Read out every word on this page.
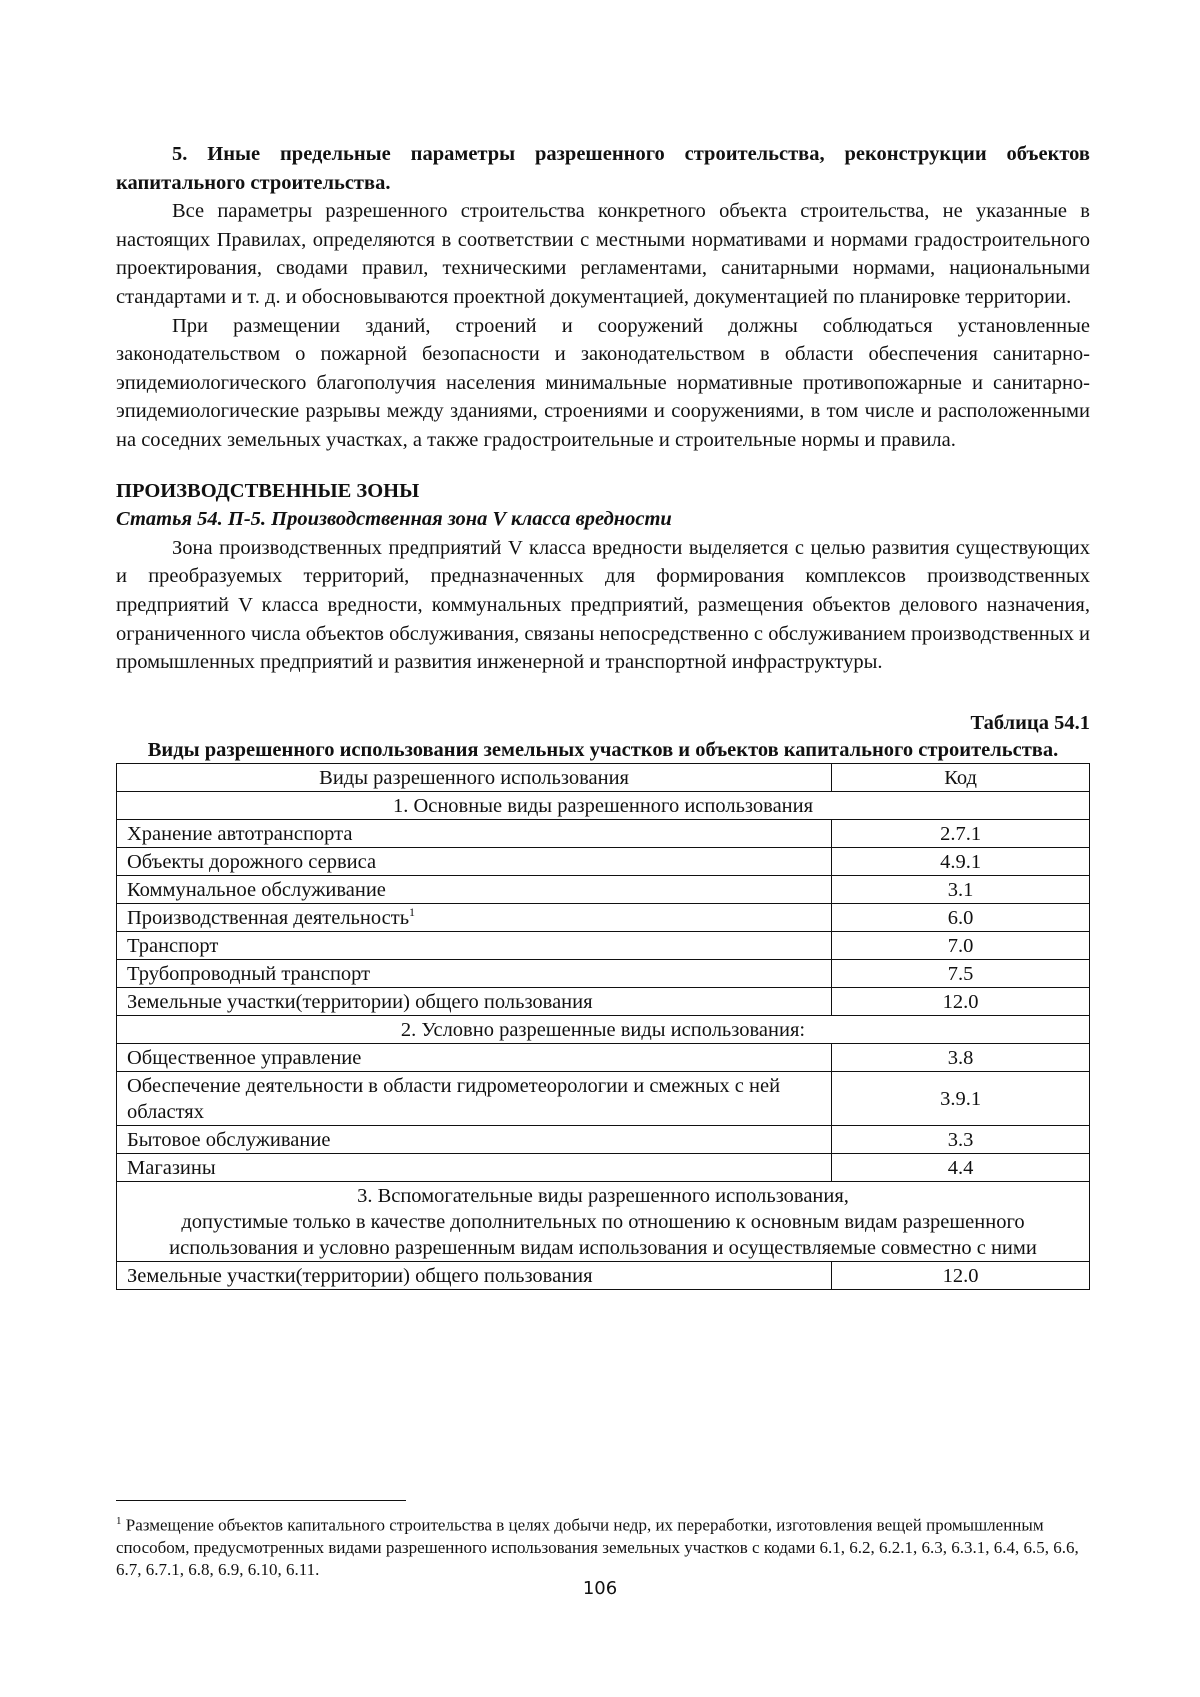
5. Иные предельные параметры разрешенного строительства, реконструкции объектов капитального строительства.

Все параметры разрешенного строительства конкретного объекта строительства, не указанные в настоящих Правилах, определяются в соответствии с местными нормативами и нормами градостроительного проектирования, сводами правил, техническими регламентами, санитарными нормами, национальными стандартами и т. д. и обосновываются проектной документацией, документацией по планировке территории.

При размещении зданий, строений и сооружений должны соблюдаться установленные законодательством о пожарной безопасности и законодательством в области обеспечения санитарно-эпидемиологического благополучия населения минимальные нормативные противопожарные и санитарно-эпидемиологические разрывы между зданиями, строениями и сооружениями, в том числе и расположенными на соседних земельных участках, а также градостроительные и строительные нормы и правила.

ПРОИЗВОДСТВЕННЫЕ ЗОНЫ

Статья 54. П-5. Производственная зона V класса вредности

Зона производственных предприятий V класса вредности выделяется с целью развития существующих и преобразуемых территорий, предназначенных для формирования комплексов производственных предприятий V класса вредности, коммунальных предприятий, размещения объектов делового назначения, ограниченного числа объектов обслуживания, связаны непосредственно с обслуживанием производственных и промышленных предприятий и развития инженерной и транспортной инфраструктуры.

Таблица 54.1

Виды разрешенного использования земельных участков и объектов капитального строительства.

Виды разрешенного использования	Код
1. Основные виды разрешенного использования	
Хранение автотранспорта	2.7.1
Объекты дорожного сервиса	4.9.1
Коммунальное обслуживание	3.1
Производственная деятельность$^1$	6.0
Транспорт	7.0
Трубопроводный транспорт	7.5
Земельные участки(территории) общего пользования	12.0
2. Условно разрешенные виды использования:	
Общественное управление	3.8
Обеспечение деятельности в области гидрометеорологии и смежных с ней областях	3.9.1
Бытовое обслуживание	3.3
Магазины	4.4
3. Вспомогательные виды разрешенного использования,
допустимые только в качестве дополнительных по отношению к основным видам разрешенного использования и условно разрешенным видам использования и осуществляемые совместно с ними	

Земельные участки(территории) общего пользования	12.0
$^1$ Размещение объектов капитального строительства в целях добычи недр, их переработки, изготовления вещей промышленным способом, предусмотренных видами разрешенного использования земельных участков с кодами 6.1, 6.2, 6.2.1, 6.3, 6.3.1, 6.4, 6.5, 6.6, 6.7, 6.7.1, 6.8, 6.9, 6.10, 6.11.
106
